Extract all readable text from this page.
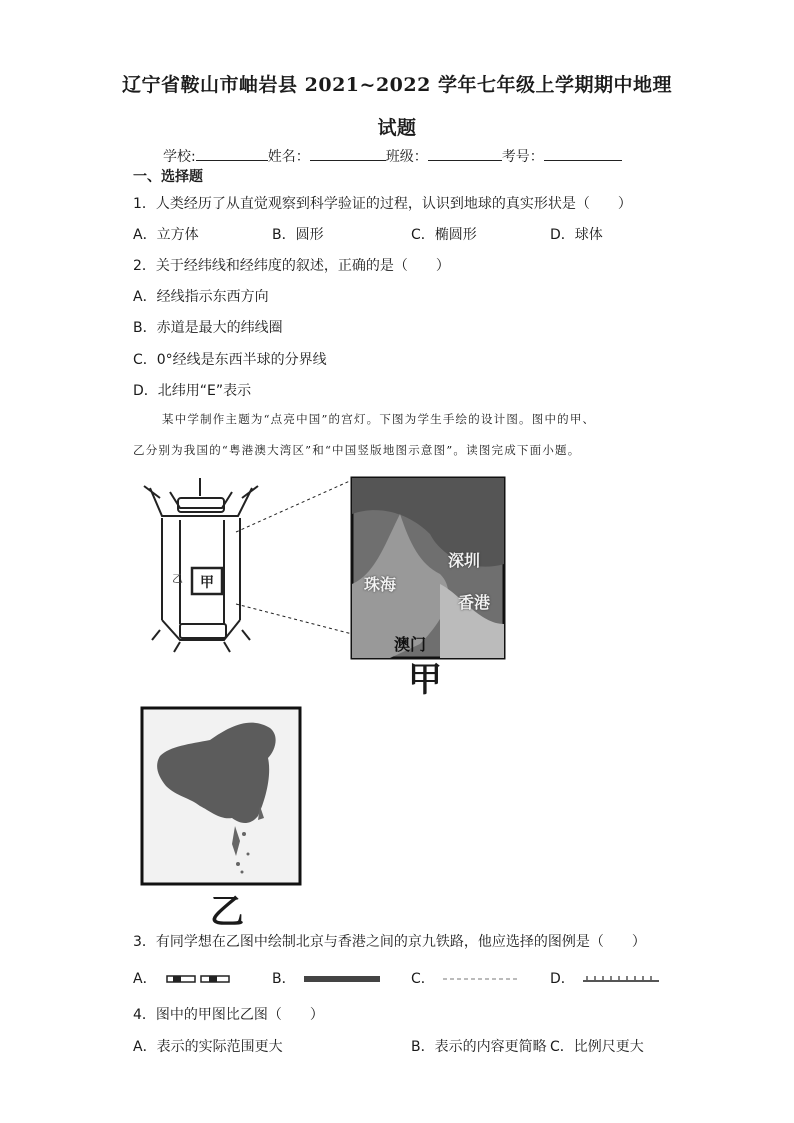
辽宁省鞍山市岫岩县 2021~2022 学年七年级上学期期中地理
试题
学校:	姓名：	班级：	考号：
一、选择题
1．人类经历了从直觉观察到科学验证的过程，认识到地球的真实形状是（　　）
A．立方体	B．圆形	C．椭圆形	D．球体
2．关于经纬线和经纬度的叙述，正确的是（　　）
A．经线指示东西方向
B．赤道是最大的纬线圈
C．0°经线是东西半球的分界线
D．北纬用“E”表示
某中学制作主题为“点亮中国”的宫灯。下图为学生手绘的设计图。图中的甲、
乙分别为我国的“粤港澳大湾区”和“中国竖版地图示意图”。读图完成下面小题。
甲
乙
深圳
珠海
香港
澳门
甲
乙
3．有同学想在乙图中绘制北京与香港之间的京九铁路，他应选择的图例是（　　）
A．	B．	C．	D．
4．图中的甲图比乙图（　　）
A．表示的实际范围更大	B．表示的内容更简略 C．比例尺更大
